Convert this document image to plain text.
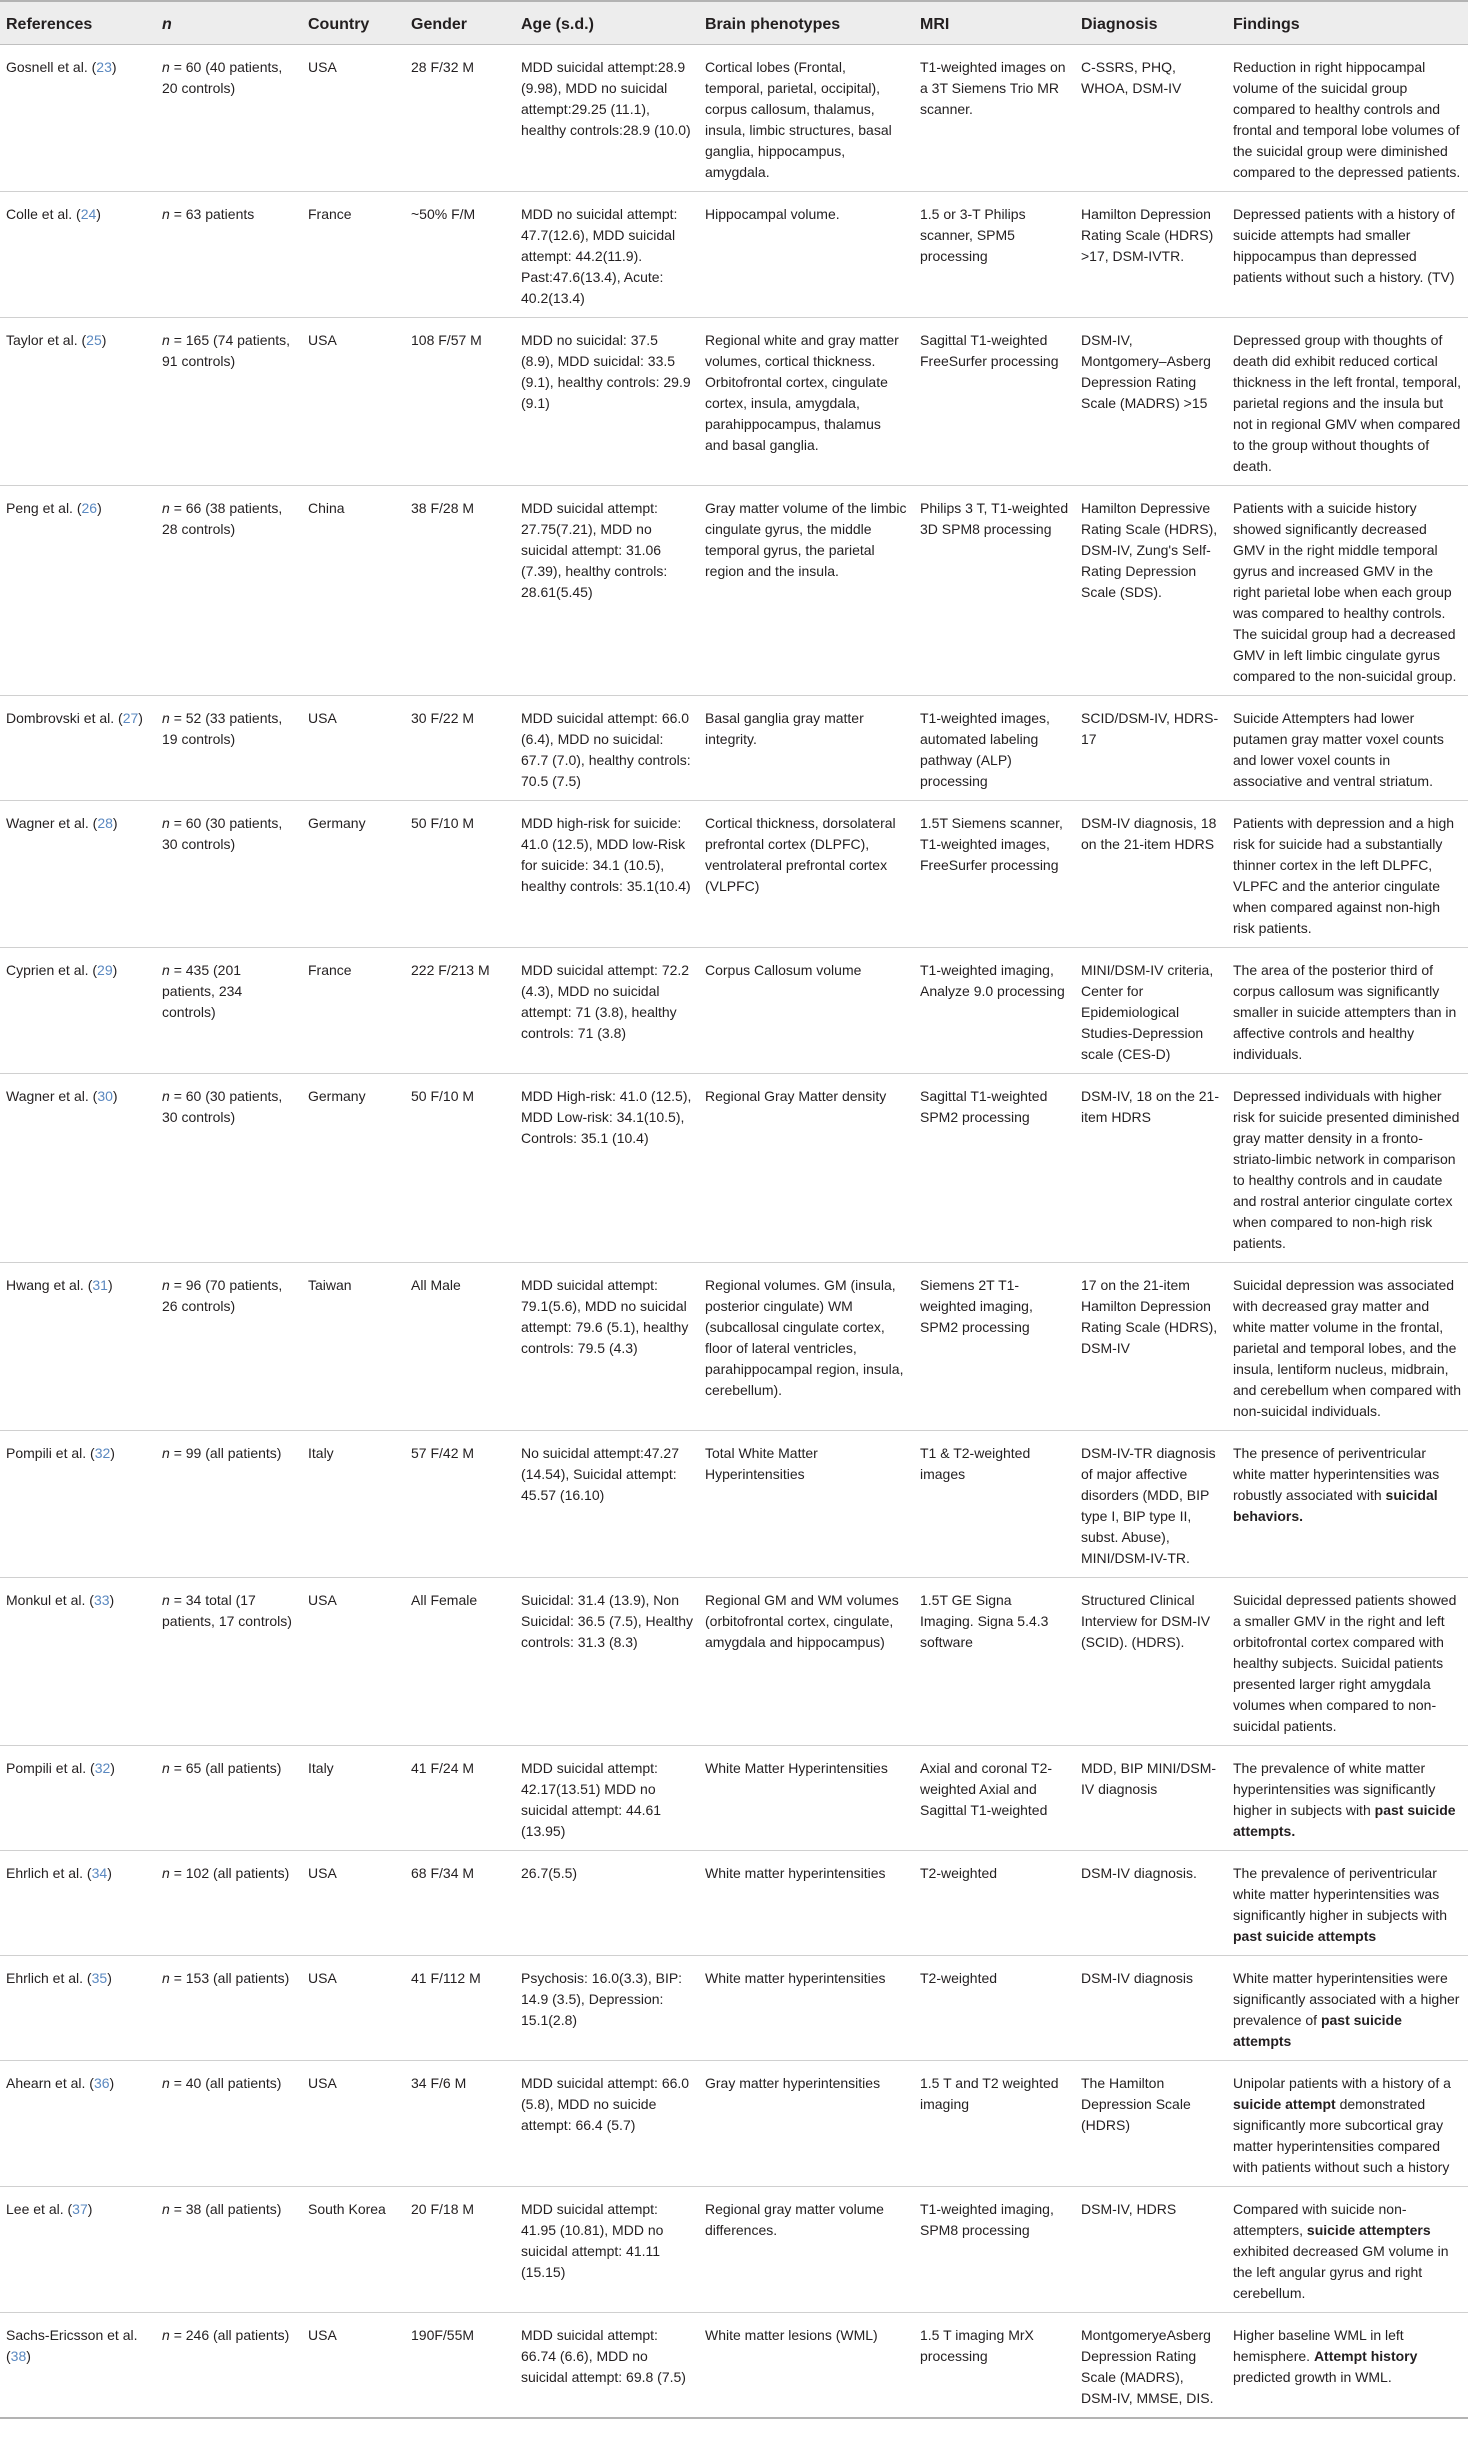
References	n	Country	Gender	Age (s.d.)	Brain phenotypes	MRI	Diagnosis	Findings
Gosnell et al. (23)	n = 60 (40 patients, 20 controls)	USA	28 F/32 M	MDD suicidal attempt:28.9 (9.98), MDD no suicidal attempt:29.25 (11.1), healthy controls:28.9 (10.0)	Cortical lobes (Frontal, temporal, parietal, occipital), corpus callosum, thalamus, insula, limbic structures, basal ganglia, hippocampus, amygdala.	T1-weighted images on a 3T Siemens Trio MR scanner.	C-SSRS, PHQ, WHOA, DSM-IV	Reduction in right hippocampal volume of the suicidal group compared to healthy controls and frontal and temporal lobe volumes of the suicidal group were diminished compared to the depressed patients.
Colle et al. (24)	n = 63 patients	France	~50% F/M	MDD no suicidal attempt: 47.7(12.6), MDD suicidal attempt: 44.2(11.9). Past:47.6(13.4), Acute: 40.2(13.4)	Hippocampal volume.	1.5 or 3-T Philips scanner, SPM5 processing	Hamilton Depression Rating Scale (HDRS) >17, DSM-IVTR.	Depressed patients with a history of suicide attempts had smaller hippocampus than depressed patients without such a history. (TV)
Taylor et al. (25)	n = 165 (74 patients, 91 controls)	USA	108 F/57 M	MDD no suicidal: 37.5 (8.9), MDD suicidal: 33.5 (9.1), healthy controls: 29.9 (9.1)	Regional white and gray matter volumes, cortical thickness. Orbitofrontal cortex, cingulate cortex, insula, amygdala, parahippocampus, thalamus and basal ganglia.	Sagittal T1-weighted FreeSurfer processing	DSM-IV, Montgomery–Asberg Depression Rating Scale (MADRS) >15	Depressed group with thoughts of death did exhibit reduced cortical thickness in the left frontal, temporal, parietal regions and the insula but not in regional GMV when compared to the group without thoughts of death.
Peng et al. (26)	n = 66 (38 patients, 28 controls)	China	38 F/28 M	MDD suicidal attempt: 27.75(7.21), MDD no suicidal attempt: 31.06 (7.39), healthy controls: 28.61(5.45)	Gray matter volume of the limbic cingulate gyrus, the middle temporal gyrus, the parietal region and the insula.	Philips 3 T, T1-weighted 3D SPM8 processing	Hamilton Depressive Rating Scale (HDRS), DSM-IV, Zung's Self-Rating Depression Scale (SDS).	Patients with a suicide history showed significantly decreased GMV in the right middle temporal gyrus and increased GMV in the right parietal lobe when each group was compared to healthy controls. The suicidal group had a decreased GMV in left limbic cingulate gyrus compared to the non-suicidal group.
Dombrovski et al. (27)	n = 52 (33 patients, 19 controls)	USA	30 F/22 M	MDD suicidal attempt: 66.0 (6.4), MDD no suicidal: 67.7 (7.0), healthy controls: 70.5 (7.5)	Basal ganglia gray matter integrity.	T1-weighted images, automated labeling pathway (ALP) processing	SCID/DSM-IV, HDRS-17	Suicide Attempters had lower putamen gray matter voxel counts and lower voxel counts in associative and ventral striatum.
Wagner et al. (28)	n = 60 (30 patients, 30 controls)	Germany	50 F/10 M	MDD high-risk for suicide: 41.0 (12.5), MDD low-Risk for suicide: 34.1 (10.5), healthy controls: 35.1(10.4)	Cortical thickness, dorsolateral prefrontal cortex (DLPFC), ventrolateral prefrontal cortex (VLPFC)	1.5T Siemens scanner, T1-weighted images, FreeSurfer processing	DSM-IV diagnosis, 18 on the 21-item HDRS	Patients with depression and a high risk for suicide had a substantially thinner cortex in the left DLPFC, VLPFC and the anterior cingulate when compared against non-high risk patients.
Cyprien et al. (29)	n = 435 (201 patients, 234 controls)	France	222 F/213 M	MDD suicidal attempt: 72.2 (4.3), MDD no suicidal attempt: 71 (3.8), healthy controls: 71 (3.8)	Corpus Callosum volume	T1-weighted imaging, Analyze 9.0 processing	MINI/DSM-IV criteria, Center for Epidemiological Studies-Depression scale (CES-D)	The area of the posterior third of corpus callosum was significantly smaller in suicide attempters than in affective controls and healthy individuals.
Wagner et al. (30)	n = 60 (30 patients, 30 controls)	Germany	50 F/10 M	MDD High-risk: 41.0 (12.5), MDD Low-risk: 34.1(10.5), Controls: 35.1 (10.4)	Regional Gray Matter density	Sagittal T1-weighted SPM2 processing	DSM-IV, 18 on the 21-item HDRS	Depressed individuals with higher risk for suicide presented diminished gray matter density in a fronto-striato-limbic network in comparison to healthy controls and in caudate and rostral anterior cingulate cortex when compared to non-high risk patients.
Hwang et al. (31)	n = 96 (70 patients, 26 controls)	Taiwan	All Male	MDD suicidal attempt: 79.1(5.6), MDD no suicidal attempt: 79.6 (5.1), healthy controls: 79.5 (4.3)	Regional volumes. GM (insula, posterior cingulate) WM (subcallosal cingulate cortex, floor of lateral ventricles, parahippocampal region, insula, cerebellum).	Siemens 2T T1-weighted imaging, SPM2 processing	17 on the 21-item Hamilton Depression Rating Scale (HDRS), DSM-IV	Suicidal depression was associated with decreased gray matter and white matter volume in the frontal, parietal and temporal lobes, and the insula, lentiform nucleus, midbrain, and cerebellum when compared with non-suicidal individuals.
Pompili et al. (32)	n = 99 (all patients)	Italy	57 F/42 M	No suicidal attempt:47.27 (14.54), Suicidal attempt: 45.57 (16.10)	Total White Matter Hyperintensities	T1 & T2-weighted images	DSM-IV-TR diagnosis of major affective disorders (MDD, BIP type I, BIP type II, subst. Abuse), MINI/DSM-IV-TR.	The presence of periventricular white matter hyperintensities was robustly associated with suicidal behaviors.
Monkul et al. (33)	n = 34 total (17 patients, 17 controls)	USA	All Female	Suicidal: 31.4 (13.9), Non Suicidal: 36.5 (7.5), Healthy controls: 31.3 (8.3)	Regional GM and WM volumes (orbitofrontal cortex, cingulate, amygdala and hippocampus)	1.5T GE Signa Imaging. Signa 5.4.3 software	Structured Clinical Interview for DSM-IV (SCID). (HDRS).	Suicidal depressed patients showed a smaller GMV in the right and left orbitofrontal cortex compared with healthy subjects. Suicidal patients presented larger right amygdala volumes when compared to non-suicidal patients.
Pompili et al. (32)	n = 65 (all patients)	Italy	41 F/24 M	MDD suicidal attempt: 42.17(13.51) MDD no suicidal attempt: 44.61 (13.95)	White Matter Hyperintensities	Axial and coronal T2-weighted Axial and Sagittal T1-weighted	MDD, BIP MINI/DSM-IV diagnosis	The prevalence of white matter hyperintensities was significantly higher in subjects with past suicide attempts.
Ehrlich et al. (34)	n = 102 (all patients)	USA	68 F/34 M	26.7(5.5)	White matter hyperintensities	T2-weighted	DSM-IV diagnosis.	The prevalence of periventricular white matter hyperintensities was significantly higher in subjects with past suicide attempts
Ehrlich et al. (35)	n = 153 (all patients)	USA	41 F/112 M	Psychosis: 16.0(3.3), BIP: 14.9 (3.5), Depression: 15.1(2.8)	White matter hyperintensities	T2-weighted	DSM-IV diagnosis	White matter hyperintensities were significantly associated with a higher prevalence of past suicide attempts
Ahearn et al. (36)	n = 40 (all patients)	USA	34 F/6 M	MDD suicidal attempt: 66.0 (5.8), MDD no suicide attempt: 66.4 (5.7)	Gray matter hyperintensities	1.5 T and T2 weighted imaging	The Hamilton Depression Scale (HDRS)	Unipolar patients with a history of a suicide attempt demonstrated significantly more subcortical gray matter hyperintensities compared with patients without such a history
Lee et al. (37)	n = 38 (all patients)	South Korea	20 F/18 M	MDD suicidal attempt: 41.95 (10.81), MDD no suicidal attempt: 41.11 (15.15)	Regional gray matter volume differences.	T1-weighted imaging, SPM8 processing	DSM-IV, HDRS	Compared with suicide non-attempters, suicide attempters exhibited decreased GM volume in the left angular gyrus and right cerebellum.
Sachs-Ericsson et al. (38)	n = 246 (all patients)	USA	190F/55M	MDD suicidal attempt: 66.74 (6.6), MDD no suicidal attempt: 69.8 (7.5)	White matter lesions (WML)	1.5 T imaging MrX processing	MontgomeryeAsberg Depression Rating Scale (MADRS), DSM-IV, MMSE, DIS.	Higher baseline WML in left hemisphere. Attempt history predicted growth in WML.
